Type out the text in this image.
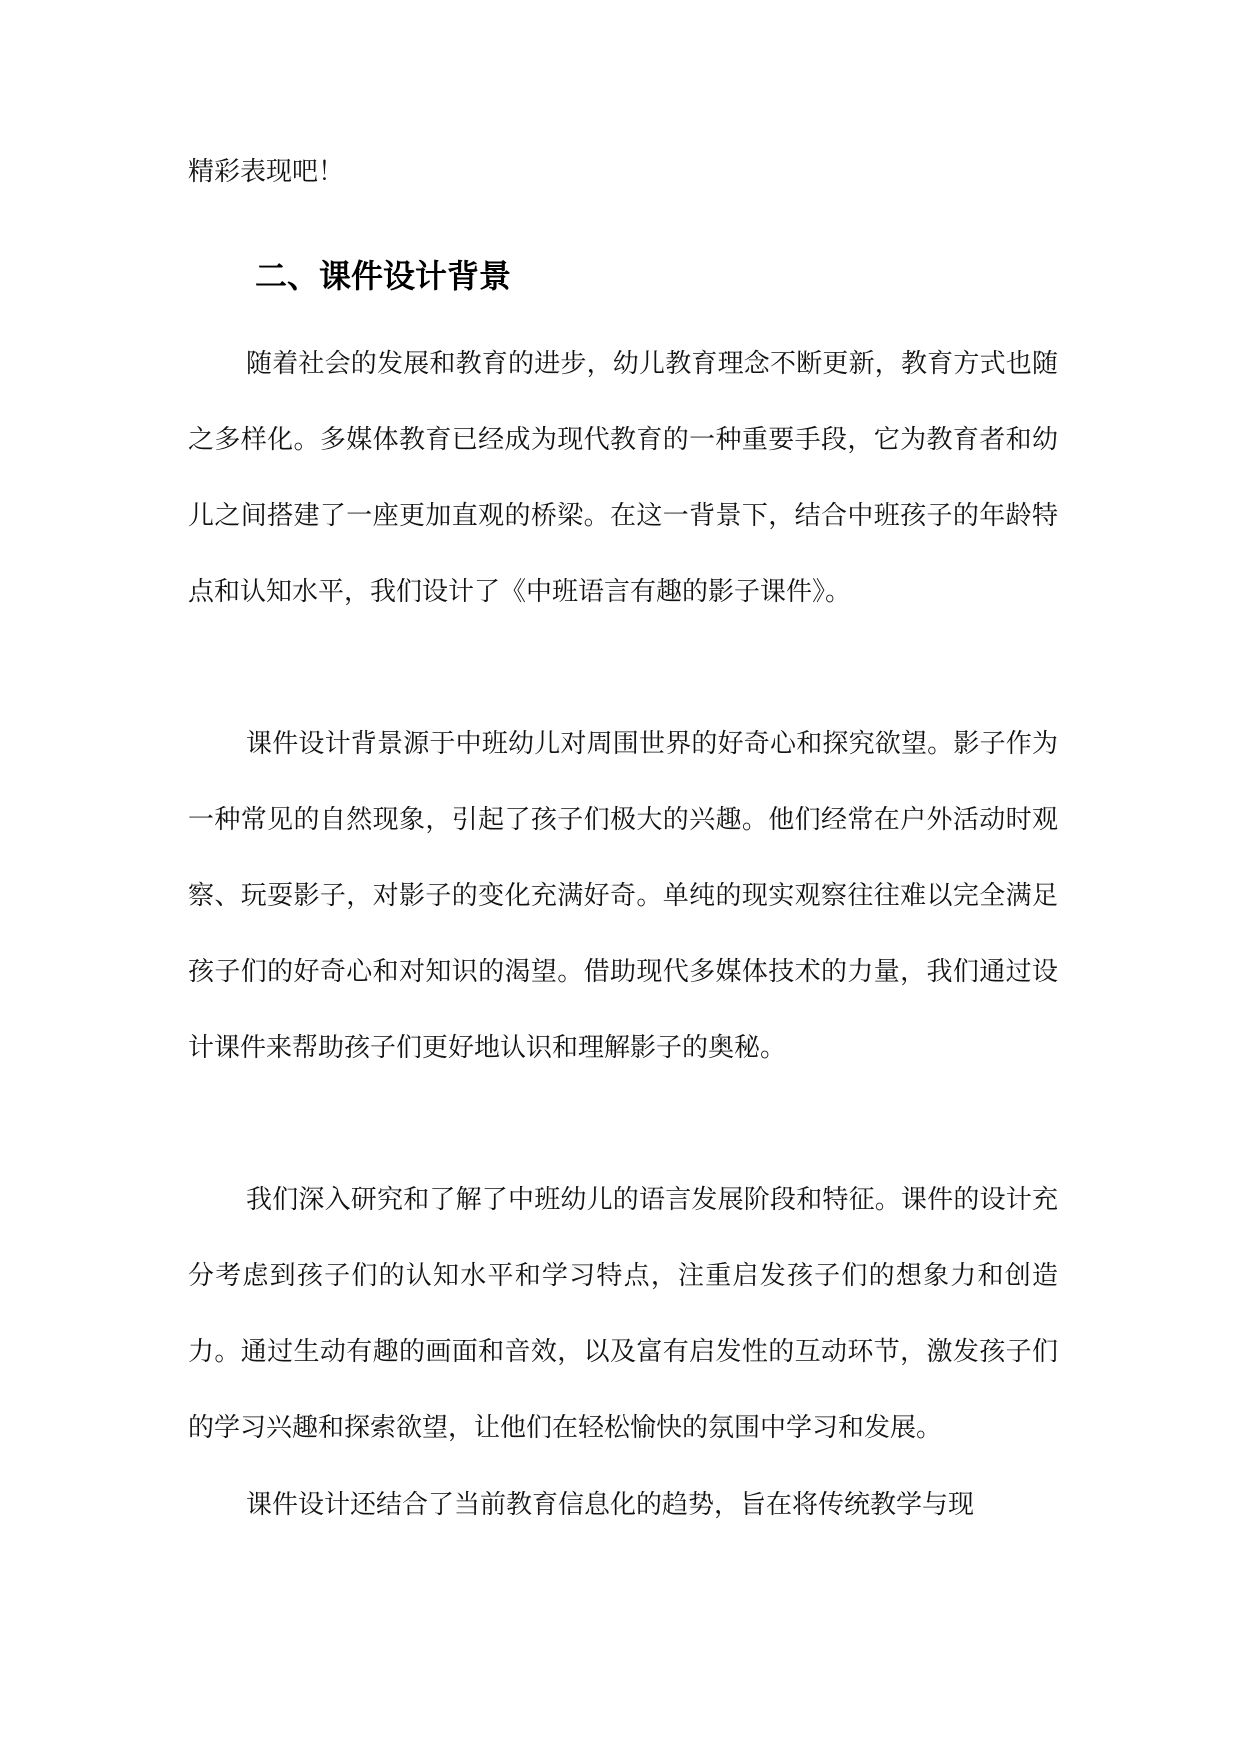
精彩表现吧！
二、课件设计背景
随着社会的发展和教育的进步，幼儿教育理念不断更新，教育方式也随之多样化。多媒体教育已经成为现代教育的一种重要手段，它为教育者和幼儿之间搭建了一座更加直观的桥梁。在这一背景下，结合中班孩子的年龄特点和认知水平，我们设计了《中班语言有趣的影子课件》。
课件设计背景源于中班幼儿对周围世界的好奇心和探究欲望。影子作为一种常见的自然现象，引起了孩子们极大的兴趣。他们经常在户外活动时观察、玩耍影子，对影子的变化充满好奇。单纯的现实观察往往难以完全满足孩子们的好奇心和对知识的渴望。借助现代多媒体技术的力量，我们通过设计课件来帮助孩子们更好地认识和理解影子的奥秘。
我们深入研究和了解了中班幼儿的语言发展阶段和特征。课件的设计充分考虑到孩子们的认知水平和学习特点，注重启发孩子们的想象力和创造力。通过生动有趣的画面和音效，以及富有启发性的互动环节，激发孩子们的学习兴趣和探索欲望，让他们在轻松愉快的氛围中学习和发展。
课件设计还结合了当前教育信息化的趋势，旨在将传统教学与现
